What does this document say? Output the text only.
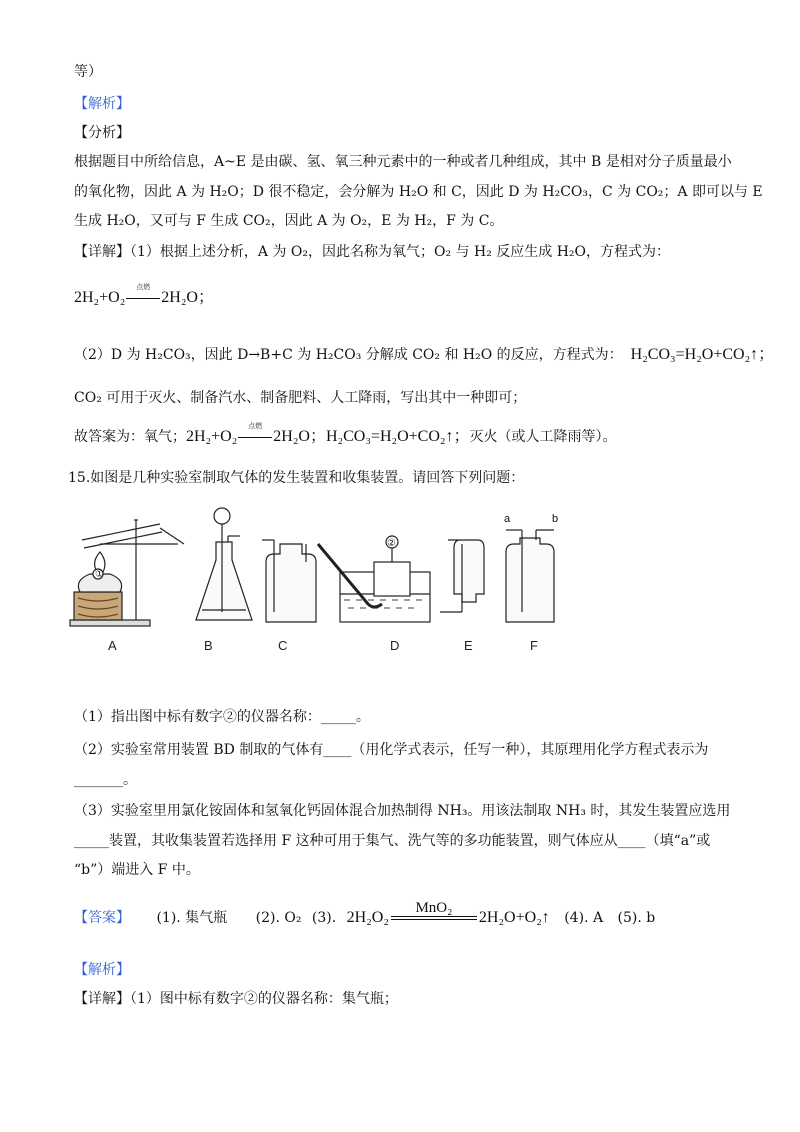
等）
【解析】
【分析】
根据题目中所给信息，A~E 是由碳、氢、氧三种元素中的一种或者几种组成，其中 B 是相对分子质量最小
的氧化物，因此 A 为 H₂O；D 很不稳定，会分解为 H₂O 和 C，因此 D 为 H₂CO₃，C 为 CO₂；A 即可以与 E
生成 H₂O，又可与 F 生成 CO₂，因此 A 为 O₂，E 为 H₂，F 为 C。
【详解】（1）根据上述分析，A 为 O₂，因此名称为氧气；O₂ 与 H₂ 反应生成 H₂O，方程式为：
2H₂+O₂
点燃
2H₂O；
（2）D 为 H₂CO₃，因此 D→B+C 为 H₂CO₃ 分解成 CO₂ 和 H₂O 的反应，方程式为： H₂CO₃=H₂O+CO₂↑；
CO₂ 可用于灭火、制备汽水、制备肥料、人工降雨，写出其中一种即可；
故答案为：氧气；2H₂+O₂
点燃
2H₂O；H₂CO₃=H₂O+CO₂↑；灭火（或人工降雨等）。
15.如图是几种实验室制取气体的发生装置和收集装置。请回答下列问题：
①
②
a	b
A	B	C	D	E	F
（1）指出图中标有数字②的仪器名称：_____。
（2）实验室常用装置 BD 制取的气体有____（用化学式表示，任写一种），其原理用化学方程式表示为
_______。
（3）实验室里用氯化铵固体和氢氧化钙固体混合加热制得 NH₃。用该法制取 NH₃ 时，其发生装置应选用
_____装置，其收集装置若选择用 F 这种可用于集气、洗气等的多功能装置，则气体应从____（填“a”或
“b”）端进入 F 中。
【答案】 (1). 集气瓶 (2). O₂ (3). 2H₂O₂
MnO₂
2H₂O+O₂↑ (4). A (5). b
【解析】
【详解】（1）图中标有数字②的仪器名称：集气瓶；
